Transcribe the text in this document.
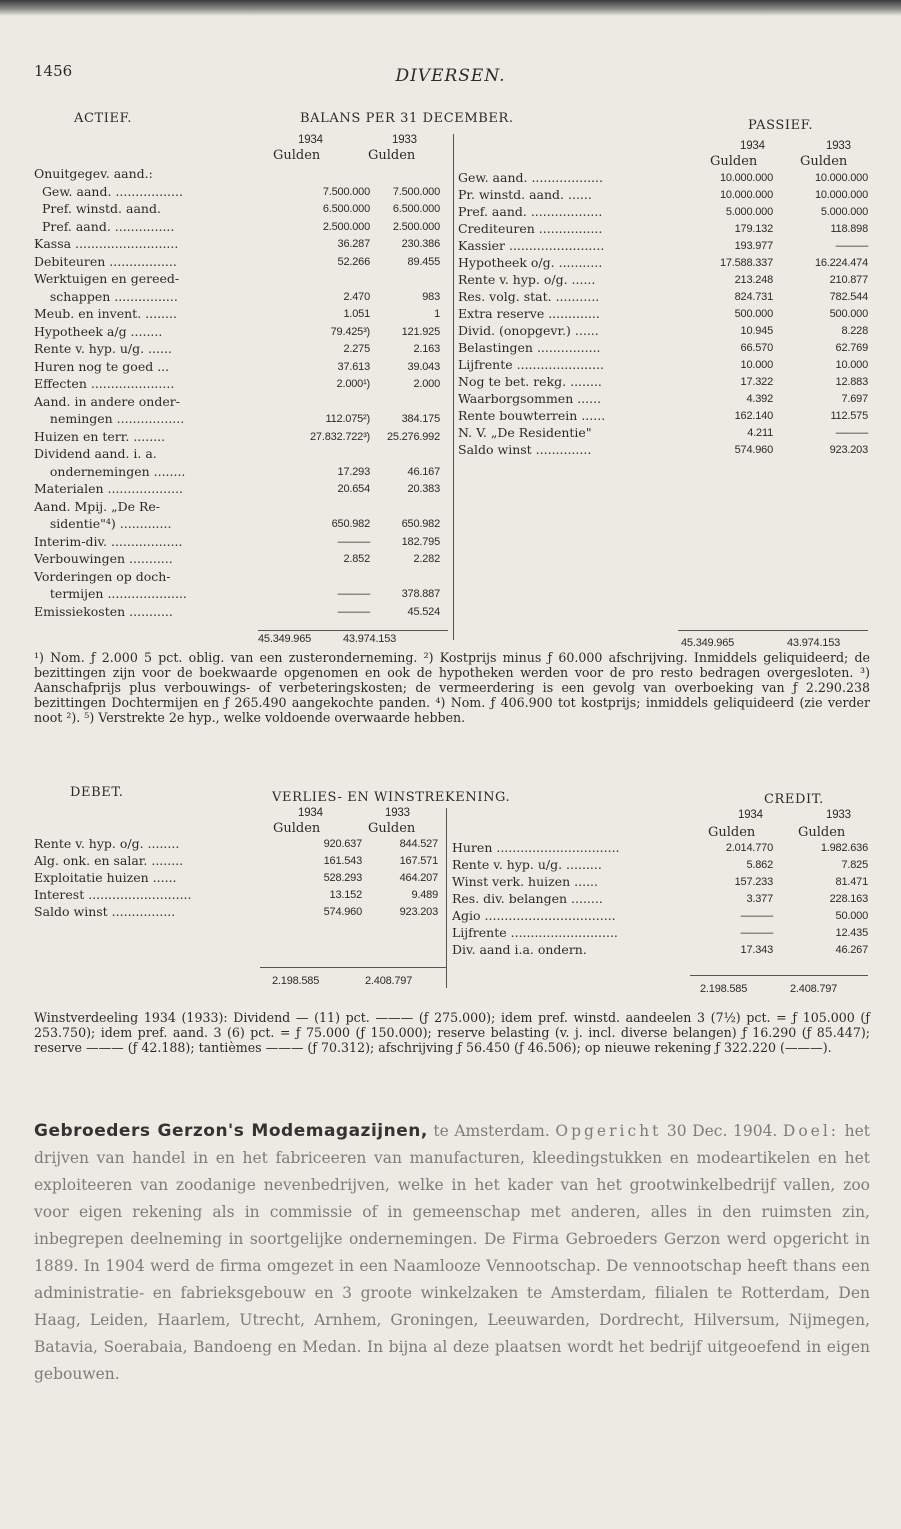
1456	DIVERSEN.
ACTIEF.	BALANS PER 31 DECEMBER.	PASSIEF.
1934	1933
Gulden	Gulden
1934	1933
Gulden	Gulden
Onuitgegev. aand.:
Gew. aand. .................	7.500.000 7.500.000
Pref. winstd. aand.	6.500.000 6.500.000
Pref. aand. ...............	2.500.000 2.500.000
Kassa ..........................	36.287	230.386
Debiteuren .................	52.266	89.455
Werktuigen en gereed-
schappen ................	2.470	983
Meub. en invent. ........	1.051	1
Hypotheek a/g ........	79.425³)	121.925
Rente v. hyp. u/g. ......	2.275	2.163
Huren nog te goed ...	37.613	39.043
Effecten .....................	2.000¹)	2.000
Aand. in andere onder-
nemingen .................	112.075²)	384.175
Huizen en terr. ........	27.832.722³) 25.276.992
Dividend aand. i. a.
ondernemingen ........	17.293	46.167
Materialen ...................	20.654	20.383
Aand. Mpij. „De Re-
sidentie"⁴) .............	650.982	650.982
Interim-div. ..................	———	182.795
Verbouwingen ...........	2.852	2.282
Vorderingen op doch-
termijen ....................	———	378.887
Emissiekosten ...........	———	45.524
Gew. aand. ..................	10.000.000	10.000.000
Pr. winstd. aand. ......	10.000.000	10.000.000
Pref. aand. ..................	5.000.000	5.000.000
Crediteuren ................	179.132	118.898
Kassier ........................	193.977	———
Hypotheek o/g. ...........	17.588.337	16.224.474
Rente v. hyp. o/g. ......	213.248	210.877
Res. volg. stat. ...........	824.731	782.544
Extra reserve .............	500.000	500.000
Divid. (onopgevr.) ......	10.945	8.228
Belastingen ................	66.570	62.769
Lijfrente ......................	10.000	10.000
Nog te bet. rekg. ........	17.322	12.883
Waarborgsommen ......	4.392	7.697
Rente bouwterrein ......	162.140	112.575
N. V. „De Residentie"	4.211	———
Saldo winst ..............	574.960	923.203
45.349.965	43.974.153	45.349.965	43.974.153
¹) Nom. ƒ 2.000 5 pct. oblig. van een zusteronderneming. ²) Kostprijs minus ƒ 60.000 afschrijving. Inmiddels geliquideerd; de bezittingen zijn voor de boekwaarde opgenomen en ook de hypotheken werden voor de pro resto bedragen overgesloten. ³) Aanschafprijs plus verbouwings- of verbeteringskosten; de vermeerdering is een gevolg van overboeking van ƒ 2.290.238 bezittingen Dochtermijen en ƒ 265.490 aangekochte panden. ⁴) Nom. ƒ 406.900 tot kostprijs; inmiddels geliquideerd (zie verder noot ²). ⁵) Verstrekte 2e hyp., welke voldoende overwaarde hebben.
DEBET.	VERLIES- EN WINSTREKENING.	CREDIT.
1934	1933
Gulden	Gulden
1934	1933
Gulden	Gulden
Rente v. hyp. o/g. ........	920.637	844.527
Alg. onk. en salar. ........	161.543	167.571
Exploitatie huizen ......	528.293	464.207
Interest ..........................	13.152	9.489
Saldo winst ................	574.960	923.203
Huren ...............................	2.014.770	1.982.636
Rente v. hyp. u/g. .........	5.862	7.825
Winst verk. huizen ......	157.233	81.471
Res. div. belangen ........	3.377	228.163
Agio .................................	———	50.000
Lijfrente ...........................	———	12.435
Div. aand i.a. ondern.	17.343	46.267
2.198.585	2.408.797
2.198.585	2.408.797
Winstverdeeling 1934 (1933): Dividend — (11) pct. ——— (ƒ 275.000); idem pref. winstd. aandeelen 3 (7½) pct. = ƒ 105.000 (ƒ 253.750); idem pref. aand. 3 (6) pct. = ƒ 75.000 (ƒ 150.000); reserve belasting (v. j. incl. diverse belangen) ƒ 16.290 (ƒ 85.447); reserve ——— (ƒ 42.188); tantièmes ——— (ƒ 70.312); afschrijving ƒ 56.450 (ƒ 46.506); op nieuwe rekening ƒ 322.220 (———).
Gebroeders Gerzon's Modemagazijnen, te Amsterdam. Opgericht 30 Dec. 1904. Doel: het drijven van handel in en het fabriceeren van manufacturen, kleedingstukken en modeartikelen en het exploiteeren van zoodanige nevenbedrijven, welke in het kader van het grootwinkelbedrijf vallen, zoo voor eigen rekening als in commissie of in gemeenschap met anderen, alles in den ruimsten zin, inbegrepen deelneming in soortgelijke ondernemingen. De Firma Gebroeders Gerzon werd opgericht in 1889. In 1904 werd de firma omgezet in een Naamlooze Vennootschap. De vennootschap heeft thans een administratie- en fabrieksgebouw en 3 groote winkelzaken te Amsterdam, filialen te Rotterdam, Den Haag, Leiden, Haarlem, Utrecht, Arnhem, Groningen, Leeuwarden, Dordrecht, Hilversum, Nijmegen, Batavia, Soerabaia, Bandoeng en Medan. In bijna al deze plaatsen wordt het bedrijf uitgeoefend in eigen gebouwen.
